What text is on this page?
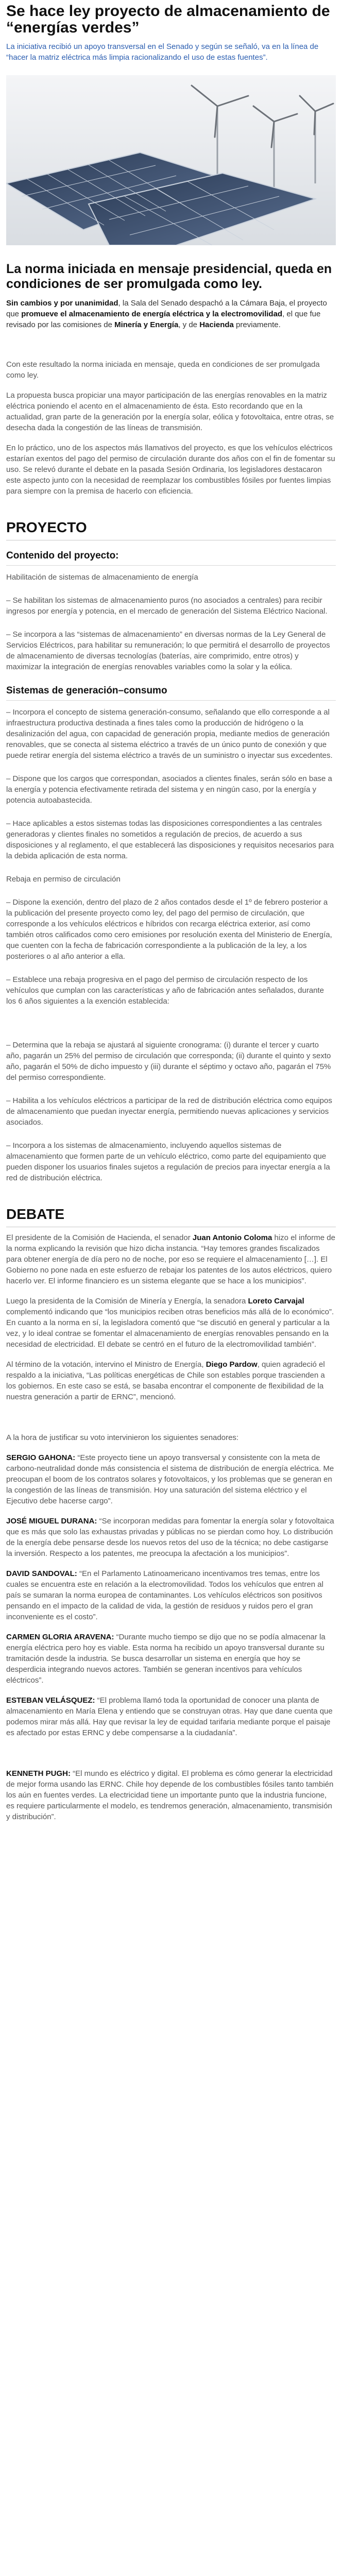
Se hace ley proyecto de almacenamiento de “energías verdes”

La iniciativa recibió un apoyo transversal en el Senado y según se señaló, va en la línea de “hacer la matriz eléctrica más limpia racionalizando el uso de estas fuentes”.

La norma iniciada en mensaje presidencial, queda en condiciones de ser promulgada como ley.

Sin cambios y por unanimidad, la Sala del Senado despachó a la Cámara Baja, el proyecto que promueve el almacenamiento de energía eléctrica y la electromovilidad, el que fue revisado por las comisiones de Minería y Energía, y de Hacienda previamente.

Con este resultado la norma iniciada en mensaje, queda en condiciones de ser promulgada como ley.

La propuesta busca propiciar una mayor participación de las energías renovables en la matriz eléctrica poniendo el acento en el almacenamiento de ésta. Esto recordando que en la actualidad, gran parte de la generación por la energía solar, eólica y fotovoltaica, entre otras, se desecha dada la congestión de las líneas de transmisión.

En lo práctico, uno de los aspectos más llamativos del proyecto, es que los vehículos eléctricos estarían exentos del pago del permiso de circulación durante dos años con el fin de fomentar su uso. Se relevó durante el debate en la pasada Sesión Ordinaria, los legisladores destacaron este aspecto junto con la necesidad de reemplazar los combustibles fósiles por fuentes limpias para siempre con la premisa de hacerlo con eficiencia.

PROYECTO
Contenido del proyecto:

Habilitación de sistemas de almacenamiento de energía

– Se habilitan los sistemas de almacenamiento puros (no asociados a centrales) para recibir ingresos por energía y potencia, en el mercado de generación del Sistema Eléctrico Nacional.

– Se incorpora a las “sistemas de almacenamiento” en diversas normas de la Ley General de Servicios Eléctricos, para habilitar su remuneración; lo que permitirá el desarrollo de proyectos de almacenamiento de diversas tecnologías (baterías, aire comprimido, entre otros) y maximizar la integración de energías renovables variables como la solar y la eólica.

Sistemas de generación–consumo

– Incorpora el concepto de sistema generación-consumo, señalando que ello corresponde a al infraestructura productiva destinada a fines tales como la producción de hidrógeno o la desalinización del agua, con capacidad de generación propia, mediante medios de generación renovables, que se conecta al sistema eléctrico a través de un único punto de conexión y que puede retirar energía del sistema eléctrico a través de un suministro o inyectar sus excedentes.

– Dispone que los cargos que correspondan, asociados a clientes finales, serán sólo en base a la energía y potencia efectivamente retirada del sistema y en ningún caso, por la energía y potencia autoabastecida.

– Hace aplicables a estos sistemas todas las disposiciones correspondientes a las centrales generadoras y clientes finales no sometidos a regulación de precios, de acuerdo a sus disposiciones y al reglamento, el que establecerá las disposiciones y requisitos necesarios para la debida aplicación de esta norma.

Rebaja en permiso de circulación

– Dispone la exención, dentro del plazo de 2 años contados desde el 1º de febrero posterior a la publicación del presente proyecto como ley, del pago del permiso de circulación, que corresponde a los vehículos eléctricos e híbridos con recarga eléctrica exterior, así como también otros calificados como cero emisiones por resolución exenta del Ministerio de Energía, que cuenten con la fecha de fabricación correspondiente a la publicación de la ley, a los posteriores o al año anterior a ella.

– Establece una rebaja progresiva en el pago del permiso de circulación respecto de los vehículos que cumplan con las características y año de fabricación antes señalados, durante los 6 años siguientes a la exención establecida:

– Determina que la rebaja se ajustará al siguiente cronograma: (i) durante el tercer y cuarto año, pagarán un 25% del permiso de circulación que corresponda; (ii) durante el quinto y sexto año, pagarán el 50% de dicho impuesto y (iii) durante el séptimo y octavo año, pagarán el 75% del permiso correspondiente.

– Habilita a los vehículos eléctricos a participar de la red de distribución eléctrica como equipos de almacenamiento que puedan inyectar energía, permitiendo nuevas aplicaciones y servicios asociados.

– Incorpora a los sistemas de almacenamiento, incluyendo aquellos sistemas de almacenamiento que formen parte de un vehículo eléctrico, como parte del equipamiento que pueden disponer los usuarios finales sujetos a regulación de precios para inyectar energía a la red de distribución eléctrica.

DEBATE

El presidente de la Comisión de Hacienda, el senador Juan Antonio Coloma hizo el informe de la norma explicando la revisión que hizo dicha instancia. “Hay temores grandes fiscalizados para obtener energía de día pero no de noche, por eso se requiere el almacenamiento […]. El Gobierno no pone nada en este esfuerzo de rebajar los patentes de los autos eléctricos, quiero hacerlo ver. El informe financiero es un sistema elegante que se hace a los municipios”.

Luego la presidenta de la Comisión de Minería y Energía, la senadora Loreto Carvajal complementó indicando que “los municipios reciben otras beneficios más allá de lo económico”. En cuanto a la norma en sí, la legisladora comentó que “se discutió en general y particular a la vez, y lo ideal contrae se fomentar el almacenamiento de energías renovables pensando en la necesidad de electricidad. El debate se centró en el futuro de la electromovilidad también”.

Al término de la votación, intervino el Ministro de Energía, Diego Pardow, quien agradeció el respaldo a la iniciativa, “Las políticas energéticas de Chile son estables porque trascienden a los gobiernos. En este caso se está, se basaba encontrar el componente de flexibilidad de la nuestra generación a partir de ERNC”, mencionó.

A la hora de justificar su voto intervinieron los siguientes senadores:

SERGIO GAHONA: “Este proyecto tiene un apoyo transversal y consistente con la meta de carbono-neutralidad donde más consistencia el sistema de distribución de energía eléctrica. Me preocupan el boom de los contratos solares y fotovoltaicos, y los problemas que se generan en la congestión de las líneas de transmisión. Hoy una saturación del sistema eléctrico y el Ejecutivo debe hacerse cargo”.

JOSÉ MIGUEL DURANA: “Se incorporan medidas para fomentar la energía solar y fotovoltaica que es más que solo las exhaustas privadas y públicas no se pierdan como hoy. Lo distribución de la energía debe pensarse desde los nuevos retos del uso de la técnica; no debe castigarse la inversión. Respecto a los patentes, me preocupa la afectación a los municipios”.

DAVID SANDOVAL: “En el Parlamento Latinoamericano incentivamos tres temas, entre los cuales se encuentra este en relación a la electromovilidad. Todos los vehículos que entren al país se sumaran la norma europea de contaminantes. Los vehículos eléctricos son positivos pensando en el impacto de la calidad de vida, la gestión de residuos y ruidos pero el gran inconveniente es el costo”.

CARMEN GLORIA ARAVENA: “Durante mucho tiempo se dijo que no se podía almacenar la energía eléctrica pero hoy es viable. Esta norma ha recibido un apoyo transversal durante su tramitación desde la industria. Se busca desarrollar un sistema en energía que hoy se desperdicia integrando nuevos actores. También se generan incentivos para vehículos eléctricos”.

ESTEBAN VELÁSQUEZ: “El problema llamó toda la oportunidad de conocer una planta de almacenamiento en María Elena y entiendo que se construyan otras. Hay que dane cuenta que podemos mirar más allá. Hay que revisar la ley de equidad tarifaria mediante porque el paisaje es afectado por estas ERNC y debe compensarse a la ciudadanía”.

KENNETH PUGH: “El mundo es eléctrico y digital. El problema es cómo generar la electricidad de mejor forma usando las ERNC. Chile hoy depende de los combustibles fósiles tanto también los aún en fuentes verdes. La electricidad tiene un importante punto que la industria funcione, es requiere particularmente el modelo, es tendremos generación, almacenamiento, transmisión y distribución”.
